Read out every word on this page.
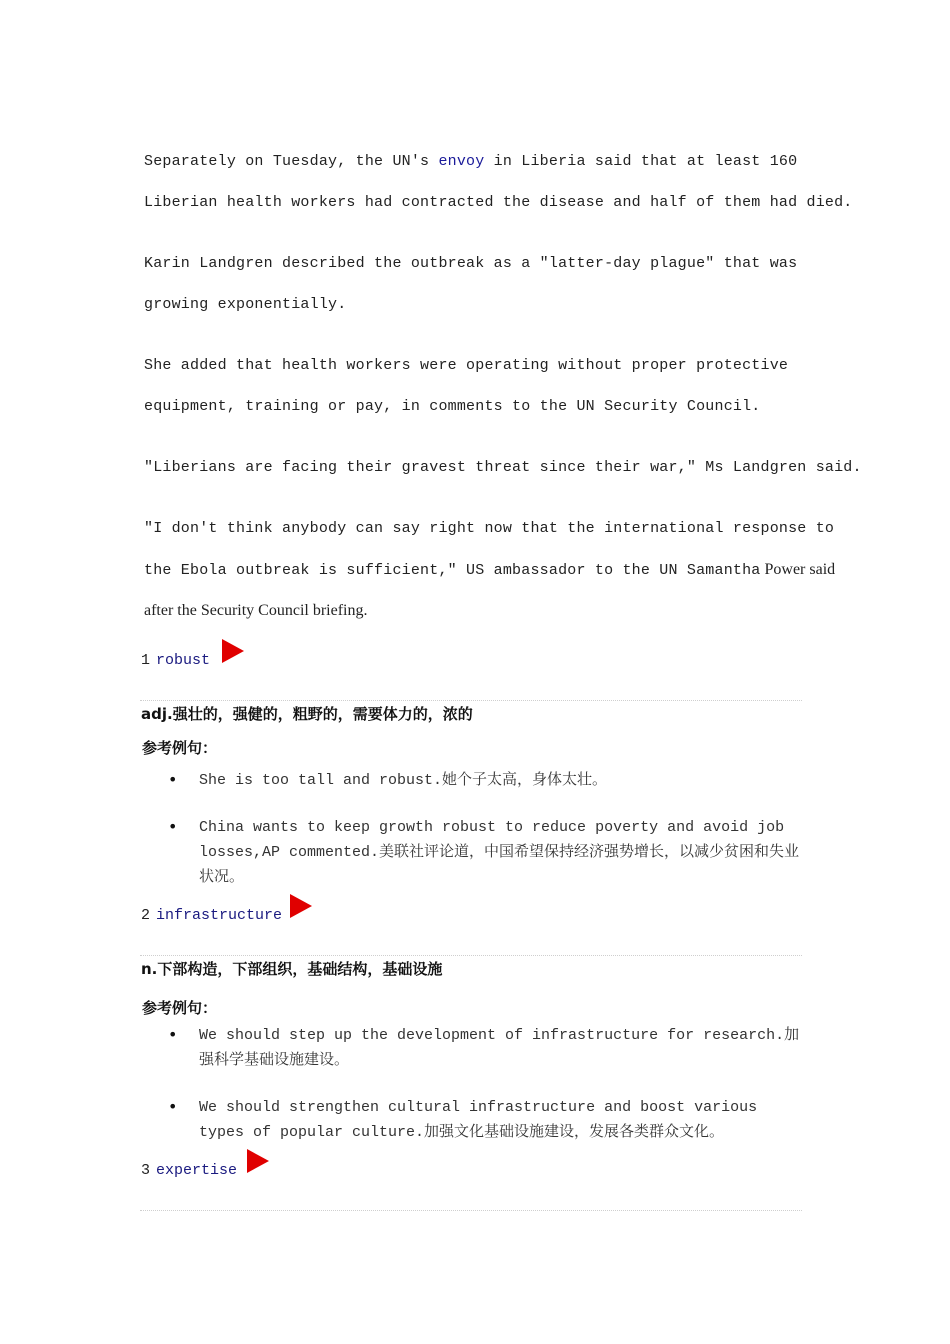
Separately on Tuesday, the UN's envoy in Liberia said that at least 160
Liberian health workers had contracted the disease and half of them had died.
Karin Landgren described the outbreak as a "latter-day plague" that was
growing exponentially.
She added that health workers were operating without proper protective
equipment, training or pay, in comments to the UN Security Council.
"Liberians are facing their gravest threat since their war," Ms Landgren said.
"I don't think anybody can say right now that the international response to
the Ebola outbreak is sufficient," US ambassador to the UN Samantha Power said
after the Security Council briefing.
1 robust
adj.强壮的，强健的，粗野的，需要体力的，浓的
参考例句：
• She is too tall and robust.她个子太高，身体太壮。
• China wants to keep growth robust to reduce poverty and avoid job losses,AP commented.美联社评论道，中国希望保持经济强势增长，以减少贫困和失业状况。
2 infrastructure
n.下部构造，下部组织，基础结构，基础设施
参考例句：
• We should step up the development of infrastructure for research.加强科学基础设施建设。
• We should strengthen cultural infrastructure and boost various types of popular culture.加强文化基础设施建设，发展各类群众文化。
3 expertise
